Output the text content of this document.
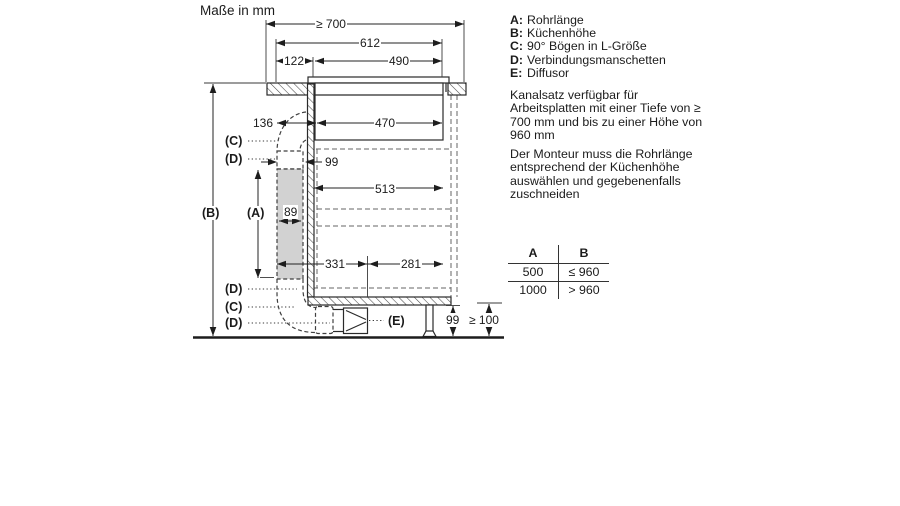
Maße in mm
≥ 700
612
122	490
136	470
99
513
89
331	281
99 ≥ 100
(B) (A)
(C)
(D)
(D)
(C)
(D)	(E)
A: Rohrlänge
B: Küchenhöhe
C: 90° Bögen in L-Größe
D: Verbindungsmanschetten
E: Diffusor
Kanalsatz verfügbar für Arbeitsplatten mit einer Tiefe von ≥ 700 mm und bis zu einer Höhe von 960 mm
Der Monteur muss die Rohrlänge entsprechend der Küchenhöhe auswählen und gegebenenfalls zuschneiden
A	B
500	≤ 960
1000	> 960
